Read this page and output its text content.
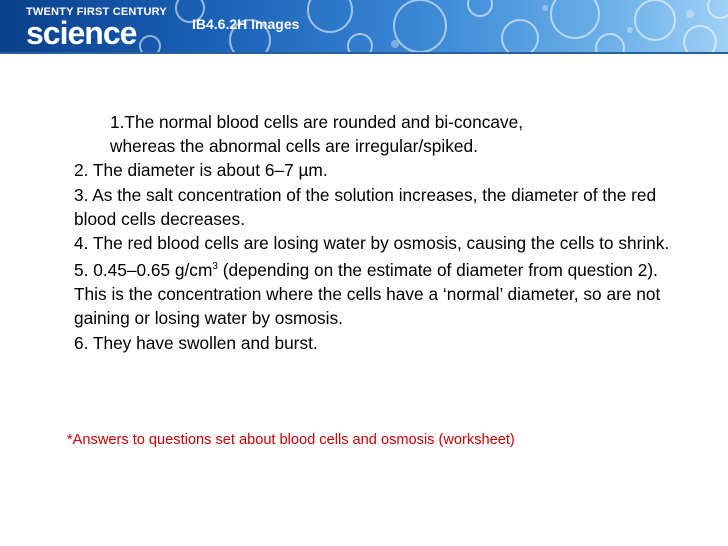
TWENTY FIRST CENTURY
science	IB4.6.2H Images

1.The normal blood cells are rounded and bi-concave,

whereas the abnormal cells are irregular/spiked.

2. The diameter is about 6–7 µm.

3. As the salt concentration of the solution increases, the diameter of the red blood cells decreases.

4. The red blood cells are losing water by osmosis, causing the cells to shrink.

5. 0.45–0.65 $g/cm^3$ (depending on the estimate of diameter from question 2). This is the concentration where the cells have a ‘normal’ diameter, so are not gaining or losing water by osmosis.

6. They have swollen and burst.

*Answers to questions set about blood cells and osmosis (worksheet)
